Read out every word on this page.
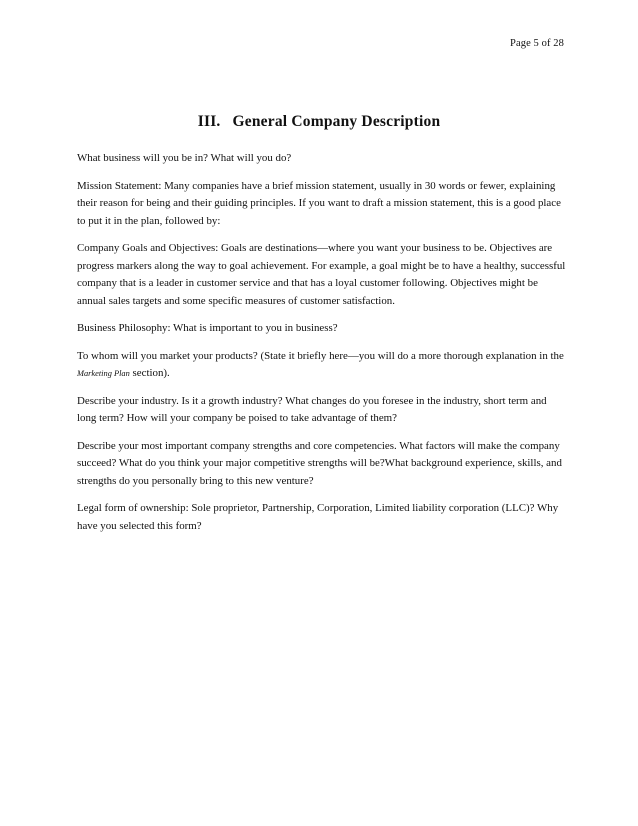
Page 5 of 28
III. General Company Description

What business will you be in? What will you do?

Mission Statement: Many companies have a brief mission statement, usually in 30 words or fewer, explaining their reason for being and their guiding principles. If you want to draft a mission statement, this is a good place to put it in the plan, followed by:

Company Goals and Objectives: Goals are destinations—where you want your business to be. Objectives are progress markers along the way to goal achievement. For example, a goal might be to have a healthy, successful company that is a leader in customer service and that has a loyal customer following. Objectives might be annual sales targets and some specific measures of customer satisfaction.

Business Philosophy: What is important to you in business?

To whom will you market your products? (State it briefly here—you will do a more thorough explanation in the Marketing Plan section).

Describe your industry. Is it a growth industry? What changes do you foresee in the industry, short term and long term? How will your company be poised to take advantage of them?

Describe your most important company strengths and core competencies. What factors will make the company succeed? What do you think your major competitive strengths will be?What background experience, skills, and strengths do you personally bring to this new venture?

Legal form of ownership: Sole proprietor, Partnership, Corporation, Limited liability corporation (LLC)? Why have you selected this form?
